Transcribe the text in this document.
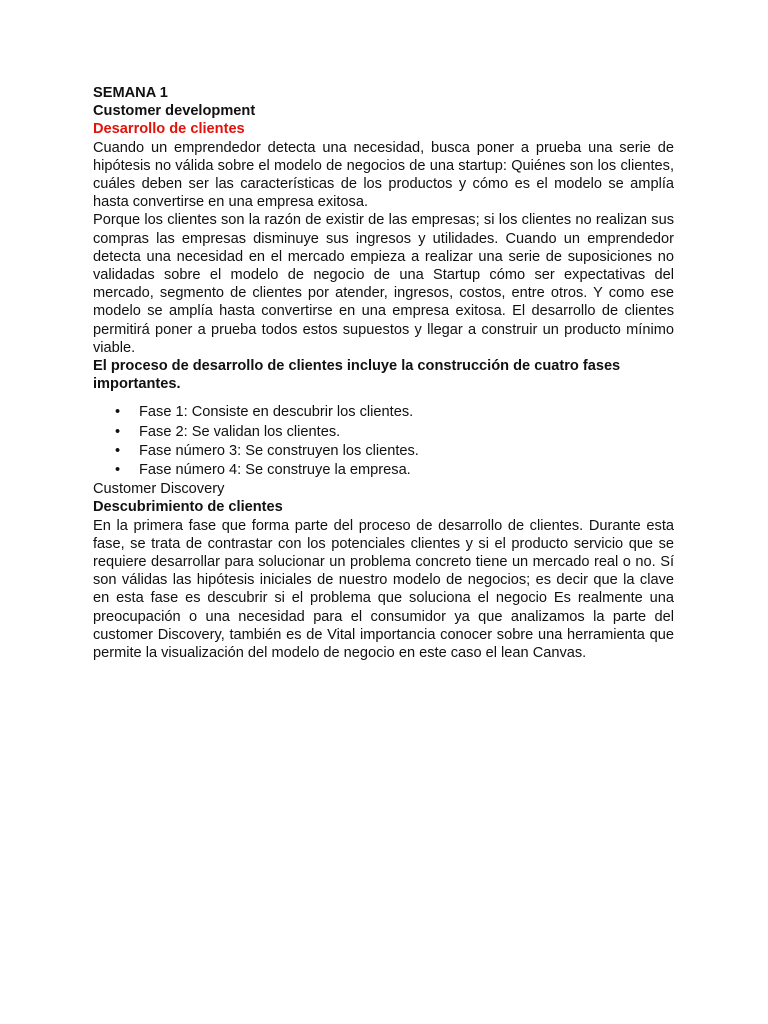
SEMANA 1

Customer development

Desarrollo de clientes

Cuando un emprendedor detecta una necesidad, busca poner a prueba una serie de hipótesis no válida sobre el modelo de negocios de una startup: Quiénes son los clientes, cuáles deben ser las características de los productos y cómo es el modelo se amplía hasta convertirse en una empresa exitosa.

Porque los clientes son la razón de existir de las empresas; si los clientes no realizan sus compras las empresas disminuye sus ingresos y utilidades. Cuando un emprendedor detecta una necesidad en el mercado empieza a realizar una serie de suposiciones no validadas sobre el modelo de negocio de una Startup cómo ser expectativas del mercado, segmento de clientes por atender, ingresos, costos, entre otros. Y como ese modelo se amplía hasta convertirse en una empresa exitosa. El desarrollo de clientes permitirá poner a prueba todos estos supuestos y llegar a construir un producto mínimo viable.

El proceso de desarrollo de clientes incluye la construcción de cuatro fases importantes.

• Fase 1: Consiste en descubrir los clientes.
• Fase 2: Se validan los clientes.
• Fase número 3: Se construyen los clientes.
• Fase número 4: Se construye la empresa.

Customer Discovery

Descubrimiento de clientes

En la primera fase que forma parte del proceso de desarrollo de clientes. Durante esta fase, se trata de contrastar con los potenciales clientes y si el producto servicio que se requiere desarrollar para solucionar un problema concreto tiene un mercado real o no. Sí son válidas las hipótesis iniciales de nuestro modelo de negocios; es decir que la clave en esta fase es descubrir si el problema que soluciona el negocio Es realmente una preocupación o una necesidad para el consumidor ya que analizamos la parte del customer Discovery, también es de Vital importancia conocer sobre una herramienta que permite la visualización del modelo de negocio en este caso el lean Canvas.
